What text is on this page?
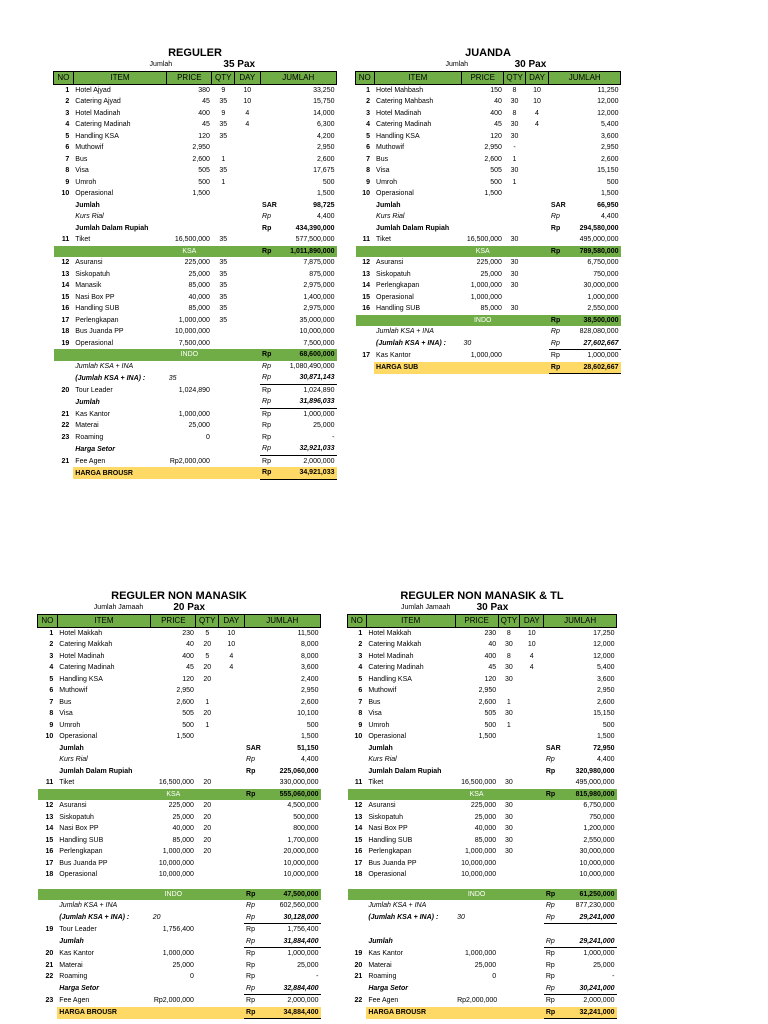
REGULER
Jumlah	35 Pax
NO	ITEM	PRICE	QTY	DAY	JUMLAH	
1	Hotel Ajyad	380	9	10		33,250
2	Catering Ajyad	45	35	10		15,750
3	Hotel Madinah	400	9	4		14,000
4	Catering Madinah	45	35	4		6,300
5	Handling KSA	120	35			4,200
6	Muthowif	2,950				2,950
7	Bus	2,600	1			2,600
8	Visa	505	35			17,675
9	Umroh	500	1			500
10	Operasional	1,500				1,500
	Jumlah				SAR	98,725
	Kurs Rial				Rp	4,400
	Jumlah Dalam Rupiah				Rp	434,390,000
11	Tiket	16,500,000	35			577,500,000
		KSA			Rp	1,011,890,000
12	Asuransi	225,000	35			7,875,000
13	Siskopatuh	25,000	35			875,000
14	Manasik	85,000	35			2,975,000
15	Nasi Box PP	40,000	35			1,400,000
16	Handling SUB	85,000	35			2,975,000
17	Perlengkapan	1,000,000	35			35,000,000
18	Bus Juanda PP	10,000,000				10,000,000
19	Operasional	7,500,000				7,500,000
		INDO			Rp	68,600,000
	Jumlah KSA + INA				Rp	1,080,490,000
	(Jumlah KSA + INA) :	35			Rp	30,871,143
20	Tour Leader	1,024,890			Rp	1,024,890
	Jumlah				Rp	31,896,033
21	Kas Kantor	1,000,000			Rp	1,000,000
22	Materai	25,000			Rp	25,000
23	Roaming	0			Rp	-
	Harga Setor				Rp	32,921,033
21	Fee Agen	Rp2,000,000			Rp	2,000,000
	HARGA BROUSR				Rp	34,921,033
JUANDA
Jumlah	30 Pax
NO	ITEM	PRICE	QTY	DAY	JUMLAH	
1	Hotel Mahbash	150	8	10		11,250
2	Catering Mahbash	40	30	10		12,000
3	Hotel Madinah	400	8	4		12,000
4	Catering Madinah	45	30	4		5,400
5	Handling KSA	120	30			3,600
6	Muthowif	2,950	-			2,950
7	Bus	2,600	1			2,600
8	Visa	505	30			15,150
9	Umroh	500	1			500
10	Operasional	1,500				1,500
	Jumlah				SAR	66,950
	Kurs Rial				Rp	4,400
	Jumlah Dalam Rupiah				Rp	294,580,000
11	Tiket	16,500,000	30			495,000,000
		KSA			Rp	789,580,000
12	Asuransi	225,000	30			6,750,000
13	Siskopatuh	25,000	30			750,000
14	Perlengkapan	1,000,000	30			30,000,000
15	Operasional	1,000,000				1,000,000
16	Handling SUB	85,000	30			2,550,000
		INDO			Rp	38,500,000
	Jumlah KSA + INA				Rp	828,080,000
	(Jumlah KSA + INA) :	30			Rp	27,602,667
17	Kas Kantor	1,000,000			Rp	1,000,000
	HARGA SUB				Rp	28,602,667
REGULER NON MANASIK
Jumlah Jamaah	20 Pax
NO	ITEM	PRICE	QTY	DAY	JUMLAH	
1	Hotel Makkah	230	5	10		11,500
2	Catering Makkah	40	20	10		8,000
3	Hotel Madinah	400	5	4		8,000
4	Catering Madinah	45	20	4		3,600
5	Handling KSA	120	20			2,400
6	Muthowif	2,950				2,950
7	Bus	2,600	1			2,600
8	Visa	505	20			10,100
9	Umroh	500	1			500
10	Operasional	1,500				1,500
	Jumlah				SAR	51,150
	Kurs Rial				Rp	4,400
	Jumlah Dalam Rupiah				Rp	225,060,000
11	Tiket	16,500,000	20			330,000,000
		KSA			Rp	555,060,000
12	Asuransi	225,000	20			4,500,000
13	Siskopatuh	25,000	20			500,000
14	Nasi Box PP	40,000	20			800,000
15	Handling SUB	85,000	20			1,700,000
16	Perlengkapan	1,000,000	20			20,000,000
17	Bus Juanda PP	10,000,000				10,000,000
18	Operasional	10,000,000				10,000,000

		INDO			Rp	47,500,000
	Jumlah KSA + INA				Rp	602,560,000
	(Jumlah KSA + INA) :	20			Rp	30,128,000
19	Tour Leader	1,756,400			Rp	1,756,400
	Jumlah				Rp	31,884,400
20	Kas Kantor	1,000,000			Rp	1,000,000
21	Materai	25,000			Rp	25,000
22	Roaming	0			Rp	-
	Harga Setor				Rp	32,884,400
23	Fee Agen	Rp2,000,000			Rp	2,000,000
	HARGA BROUSR				Rp	34,884,400
REGULER NON MANASIK & TL
Jumlah Jamaah	30 Pax
NO	ITEM	PRICE	QTY	DAY	JUMLAH	
1	Hotel Makkah	230	8	10		17,250
2	Catering Makkah	40	30	10		12,000
3	Hotel Madinah	400	8	4		12,000
4	Catering Madinah	45	30	4		5,400
5	Handling KSA	120	30			3,600
6	Muthowif	2,950				2,950
7	Bus	2,600	1			2,600
8	Visa	505	30			15,150
9	Umroh	500	1			500
10	Operasional	1,500				1,500
	Jumlah				SAR	72,950
	Kurs Rial				Rp	4,400
	Jumlah Dalam Rupiah				Rp	320,980,000
11	Tiket	16,500,000	30			495,000,000
		KSA			Rp	815,980,000
12	Asuransi	225,000	30			6,750,000
13	Siskopatuh	25,000	30			750,000
14	Nasi Box PP	40,000	30			1,200,000
15	Handling SUB	85,000	30			2,550,000
16	Perlengkapan	1,000,000	30			30,000,000
17	Bus Juanda PP	10,000,000				10,000,000
18	Operasional	10,000,000				10,000,000

		INDO			Rp	61,250,000
	Jumlah KSA + INA				Rp	877,230,000
	(Jumlah KSA + INA) :	30			Rp	29,241,000

	Jumlah				Rp	29,241,000
19	Kas Kantor	1,000,000			Rp	1,000,000
20	Materai	25,000			Rp	25,000
21	Roaming	0			Rp	-
	Harga Setor				Rp	30,241,000
22	Fee Agen	Rp2,000,000			Rp	2,000,000
	HARGA BROUSR				Rp	32,241,000
